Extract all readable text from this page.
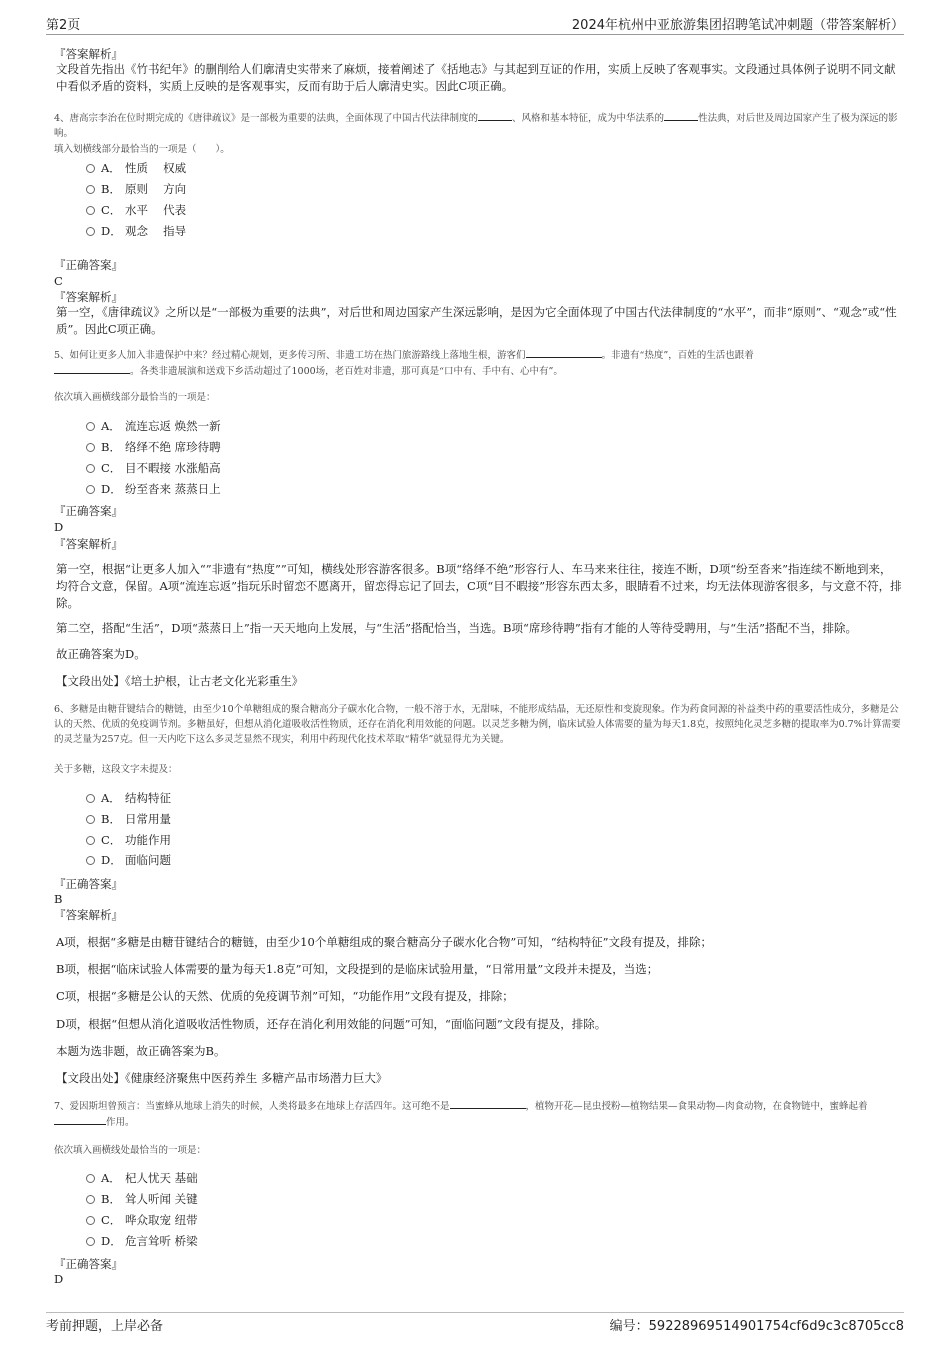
第2页	2024年杭州中亚旅游集团招聘笔试冲刺题（带答案解析）
『答案解析』
文段首先指出《竹书纪年》的删削给人们廓清史实带来了麻烦，接着阐述了《括地志》与其起到互证的作用，实质上反映了客观事实。文段通过具体例子说明不同文献中看似矛盾的资料，实质上反映的是客观事实，反而有助于后人廓清史实。因此C项正确。
4、唐高宗李治在位时期完成的《唐律疏议》是一部极为重要的法典，全面体现了中国古代法律制度的	、风格和基本特征，成为中华法系的	性法典，对后世及周边国家产生了极为深远的影响。
填入划横线部分最恰当的一项是（　　）。
A． 性质　 权威
B． 原则　 方向
C． 水平　 代表
D． 观念　 指导
『正确答案』
C
『答案解析』
第一空，《唐律疏议》之所以是“一部极为重要的法典”，对后世和周边国家产生深远影响，是因为它全面体现了中国古代法律制度的“水平”，而非“原则”、“观念”或“性质”。因此C项正确。
5、如何让更多人加入非遗保护中来？经过精心规划，更多传习所、非遗工坊在热门旅游路线上落地生根，游客们	。非遗有“热度”，百姓的生活也跟着
。各类非遗展演和送戏下乡活动超过了1000场，老百姓对非遗，那可真是“口中有、手中有、心中有”。
依次填入画横线部分最恰当的一项是：
A． 流连忘返 焕然一新
B． 络绎不绝 席珍待聘
C． 目不暇接 水涨船高
D． 纷至沓来 蒸蒸日上
『正确答案』
D
『答案解析』
第一空，根据“让更多人加入“”非遗有“热度””可知，横线处形容游客很多。B项“络绎不绝”形容行人、车马来来往往，接连不断，D项“纷至沓来”指连续不断地到来，均符合文意，保留。A项“流连忘返”指玩乐时留恋不愿离开，留恋得忘记了回去，C项“目不暇接”形容东西太多，眼睛看不过来，均无法体现游客很多，与文意不符，排除。
第二空，搭配“生活”，D项“蒸蒸日上”指一天天地向上发展，与“生活”搭配恰当，当选。B项“席珍待聘”指有才能的人等待受聘用，与“生活”搭配不当，排除。
故正确答案为D。
【文段出处】《培土护根，让古老文化光彩重生》
6、多糖是由糖苷键结合的糖链，由至少10个单糖组成的聚合糖高分子碳水化合物，一般不溶于水，无甜味，不能形成结晶，无还原性和变旋现象。作为药食同源的补益类中药的重要活性成分，多糖是公认的天然、优质的免疫调节剂。多糖虽好，但想从消化道吸收活性物质，还存在消化利用效能的问题。以灵芝多糖为例，临床试验人体需要的量为每天1.8克，按照纯化灵芝多糖的提取率为0.7%计算需要的灵芝量为257克。但一天内吃下这么多灵芝显然不现实，利用中药现代化技术萃取“精华”就显得尤为关键。
关于多糖，这段文字未提及：
A． 结构特征
B． 日常用量
C． 功能作用
D． 面临问题
『正确答案』
B
『答案解析』
A项，根据“多糖是由糖苷键结合的糖链，由至少10个单糖组成的聚合糖高分子碳水化合物”可知，“结构特征”文段有提及，排除；
B项，根据“临床试验人体需要的量为每天1.8克”可知，文段提到的是临床试验用量，“日常用量”文段并未提及，当选；
C项，根据“多糖是公认的天然、优质的免疫调节剂”可知，“功能作用”文段有提及，排除；
D项，根据“但想从消化道吸收活性物质，还存在消化利用效能的问题”可知，“面临问题”文段有提及，排除。
本题为选非题，故正确答案为B。
【文段出处】《健康经济聚焦中医药养生 多糖产品市场潜力巨大》
7、爱因斯坦曾预言：当蜜蜂从地球上消失的时候，人类将最多在地球上存活四年。这可绝不是	，植物开花—昆虫授粉—植物结果—食果动物—肉食动物，在食物链中，蜜蜂起着作用。
依次填入画横线处最恰当的一项是：
A． 杞人忧天 基础
B． 耸人听闻 关键
C． 哗众取宠 纽带
D． 危言耸听 桥梁
『正确答案』
D
考前押题，上岸必备	编号：59228969514901754cf6d9c3c8705cc8
